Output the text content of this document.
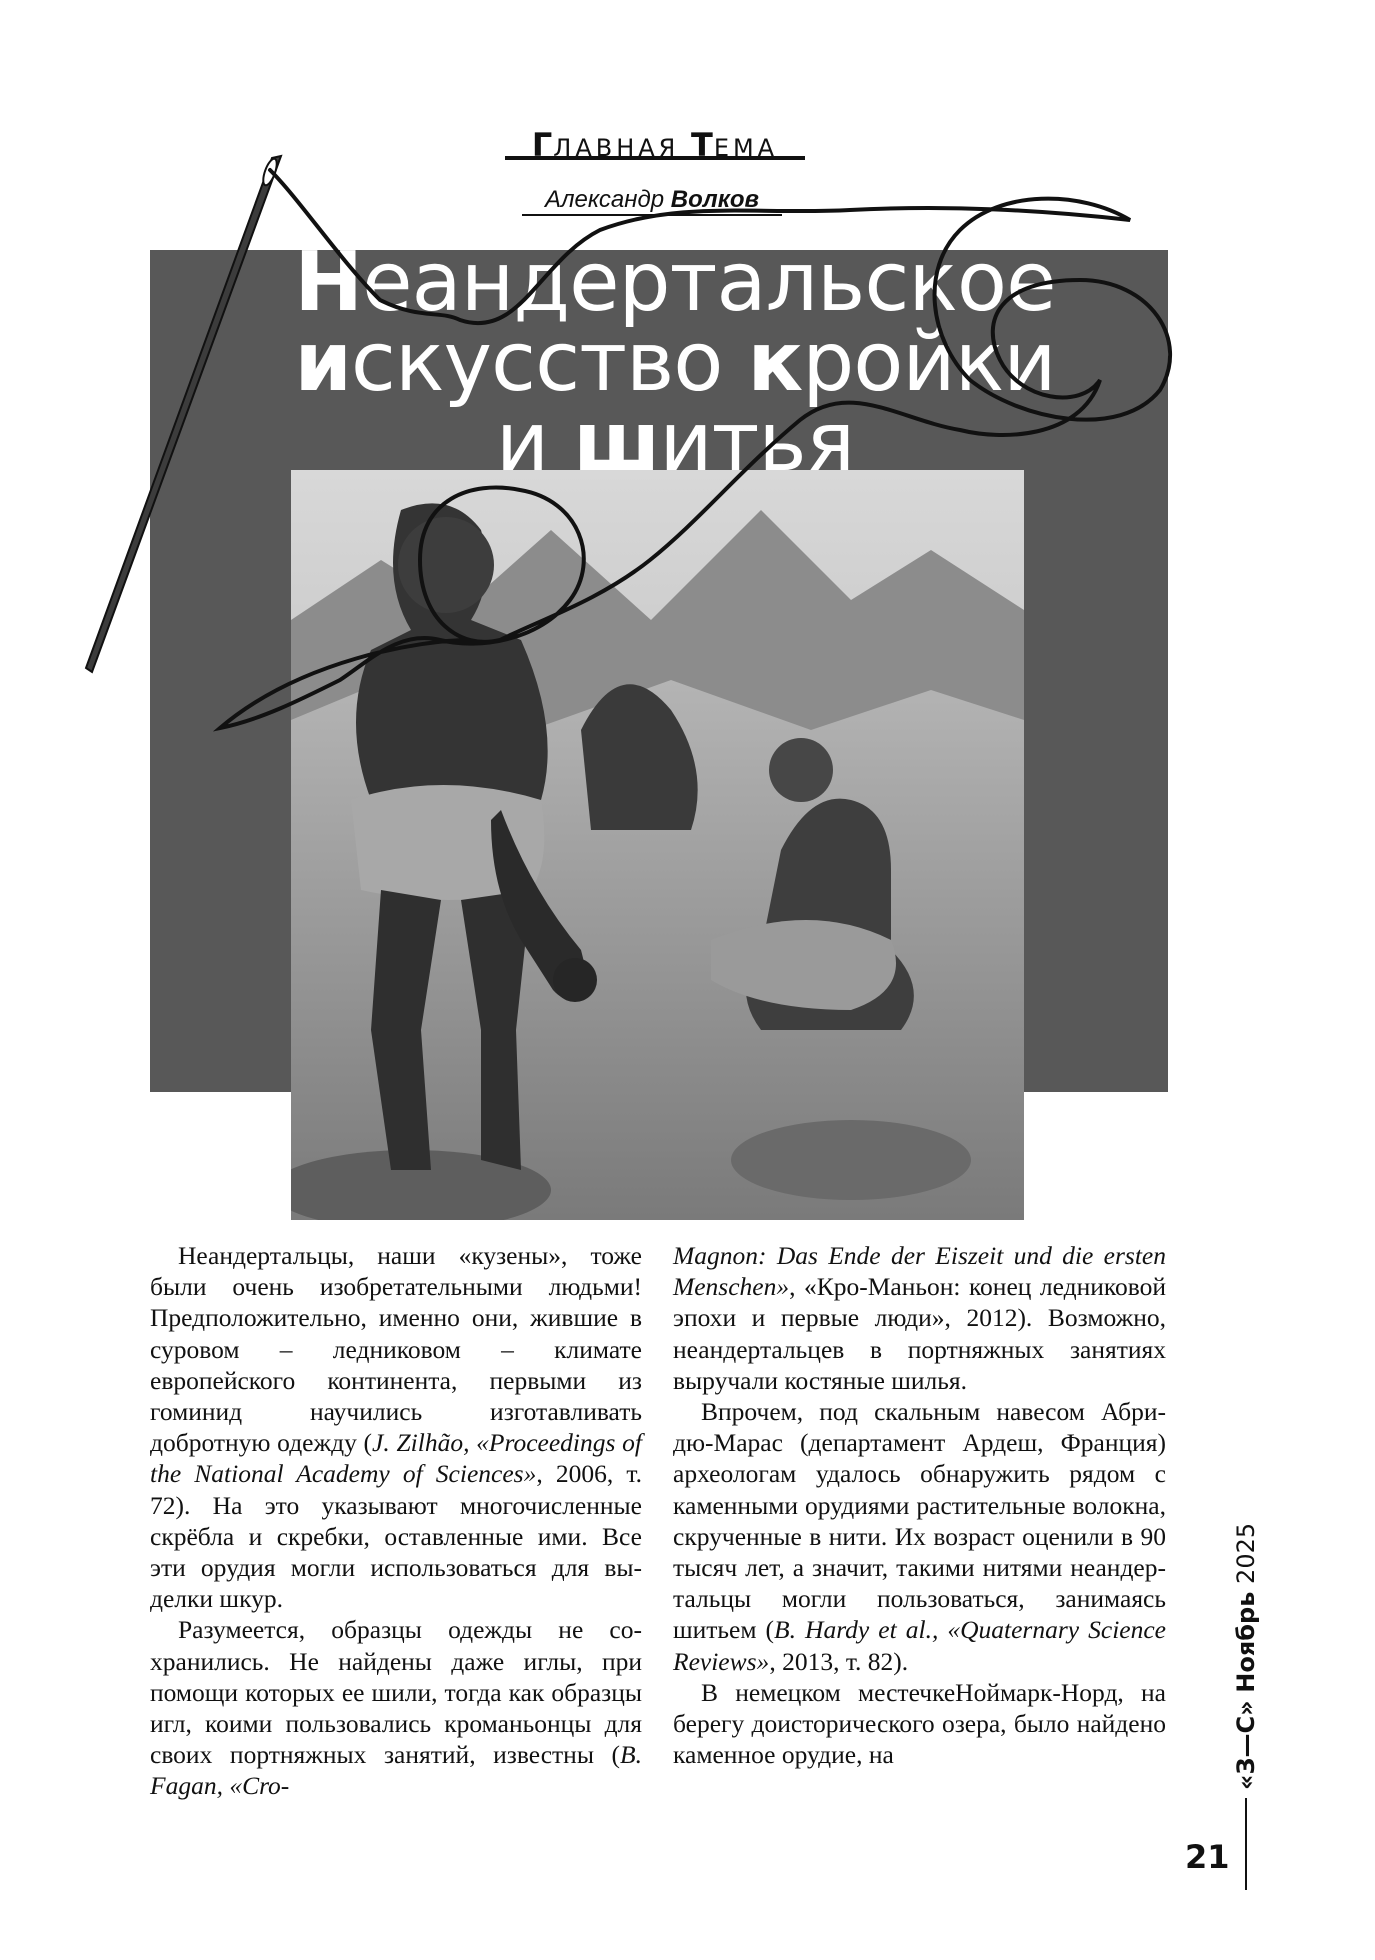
ГЛАВНАЯ ТЕМА
Александр Волков
Неандертальское
искусство кройки
и шитья

Неандертальцы, наши «кузены», тоже были очень изобретательными людьми! Предположительно, именно они, жившие в суровом – ледниковом – климате европейского континента, первыми из гоминид научились изготавливать добротную одежду (J. Zilhão, «Proceedings of the National Academy of Sciences», 2006, т. 72). На это указывают многочисленные скрёбла и скребки, оставленные ими. Все эти орудия могли использоваться для выделки шкур.

Разумеется, образцы одежды не сохранились. Не найдены даже иглы, при помощи которых ее шили, тогда как образцы игл, коими пользовались кроманьонцы для своих портняжных занятий, известны (B. Fagan, «Cro-

Magnon: Das Ende der Eiszeit und die ersten Menschen», «Кро-Маньон: конец ледниковой эпохи и первые люди», 2012). Возможно, неандертальцев в портняжных занятиях выручали костяные шилья.

Впрочем, под скальным навесом Абри-дю-Марас (департамент Ардеш, Франция) археологам удалось обнаружить рядом с каменными орудиями растительные волокна, скрученные в нити. Их возраст оценили в 90 тысяч лет, а значит, такими нитями неандертальцы могли пользоваться, занимаясь шитьем (B. Hardy et al., «Quaternary Science Reviews», 2013, т. 82).

В немецком местечкеНоймарк-Норд, на берегу доисторического озера, было найдено каменное орудие, на	«З—С» Ноябрь 2025
21
